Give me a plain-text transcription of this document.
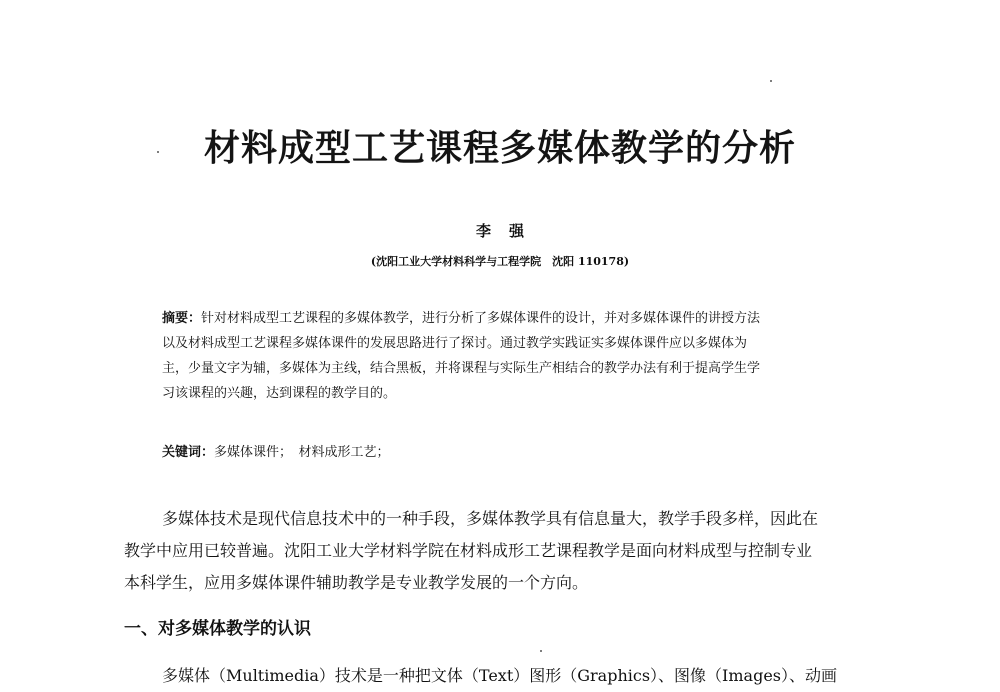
材料成型工艺课程多媒体教学的分析
李强
(沈阳工业大学材料科学与工程学院　沈阳 110178)
摘要：针对材料成型工艺课程的多媒体教学，进行分析了多媒体课件的设计，并对多媒体课件的讲授方法
以及材料成型工艺课程多媒体课件的发展思路进行了探讨。通过教学实践证实多媒体课件应以多媒体为
主，少量文字为辅，多媒体为主线，结合黑板，并将课程与实际生产相结合的教学办法有利于提高学生学
习该课程的兴趣，达到课程的教学目的。
关键词：多媒体课件；　材料成形工艺；
多媒体技术是现代信息技术中的一种手段，多媒体教学具有信息量大，教学手段多样，因此在
教学中应用已较普遍。沈阳工业大学材料学院在材料成形工艺课程教学是面向材料成型与控制专业
本科学生，应用多媒体课件辅助教学是专业教学发展的一个方向。
一、对多媒体教学的认识
多媒体（Multimedia）技术是一种把文体（Text）图形（Graphics）、图像（Images）、动画
